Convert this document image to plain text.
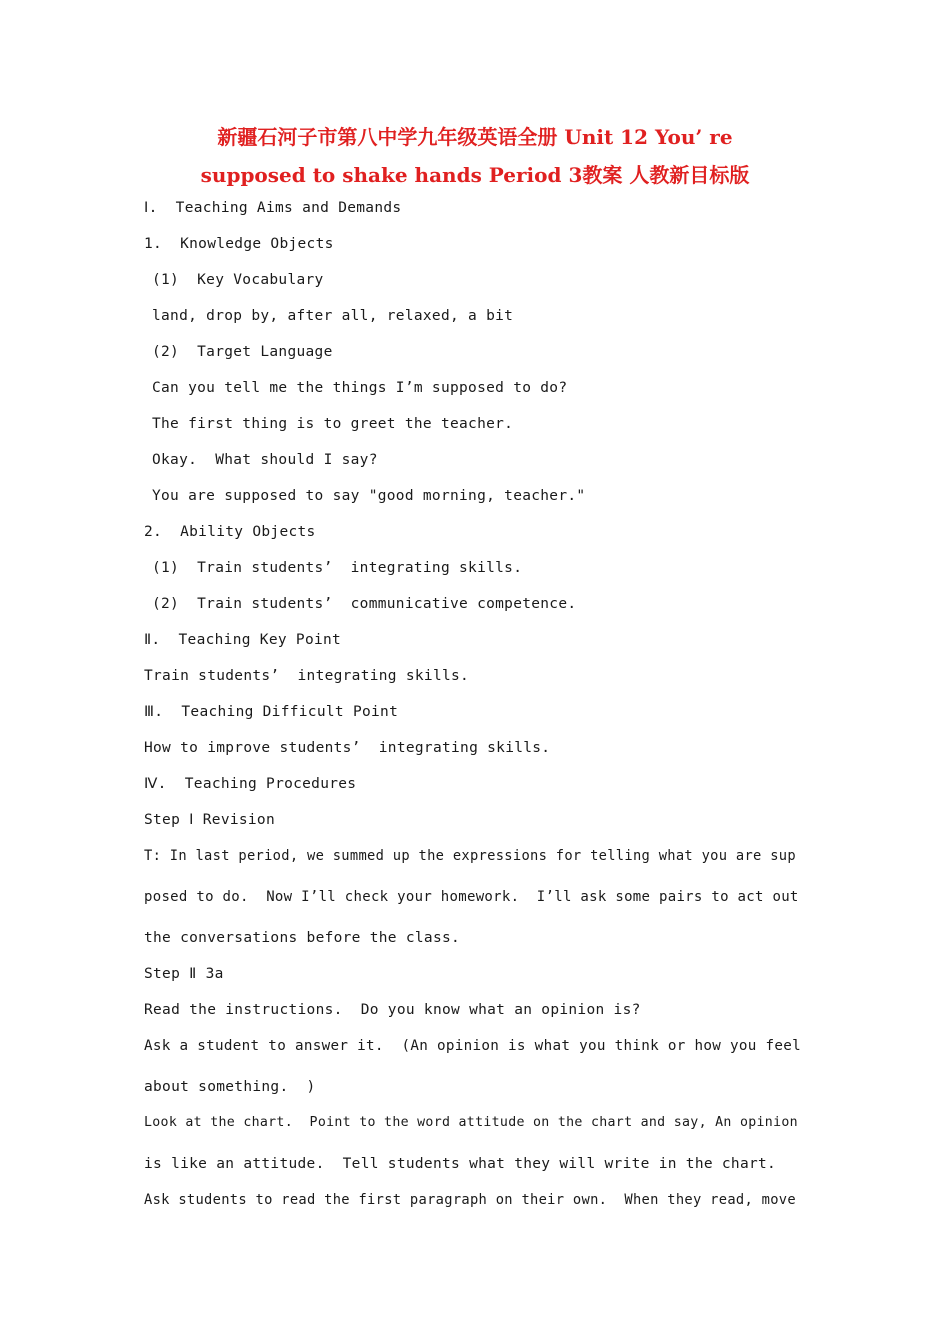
新疆石河子市第八中学九年级英语全册 Unit 12 You’ re
supposed to shake hands Period 3教案 人教新目标版
Ⅰ.  Teaching Aims and Demands
1.  Knowledge Objects
(1)  Key Vocabulary
land, drop by, after all, relaxed, a bit
(2)  Target Language
Can you tell me the things I’m supposed to do?
The first thing is to greet the teacher.
Okay.  What should I say?
You are supposed to say "good morning, teacher."
2.  Ability Objects
(1)  Train students’  integrating skills.
(2)  Train students’  communicative competence.
Ⅱ.  Teaching Key Point
Train students’  integrating skills.
Ⅲ.  Teaching Difficult Point
How to improve students’  integrating skills.
Ⅳ.  Teaching Procedures
Step Ⅰ Revision
T: In last period, we summed up the expressions for telling what you are sup
posed to do.  Now I’ll check your homework.  I’ll ask some pairs to act out
the conversations before the class.
Step Ⅱ 3a
Read the instructions.  Do you know what an opinion is?
Ask a student to answer it.  (An opinion is what you think or how you feel
about something.  )
Look at the chart.  Point to the word attitude on the chart and say, An opinion
is like an attitude.  Tell students what they will write in the chart.
Ask students to read the first paragraph on their own.  When they read, move
